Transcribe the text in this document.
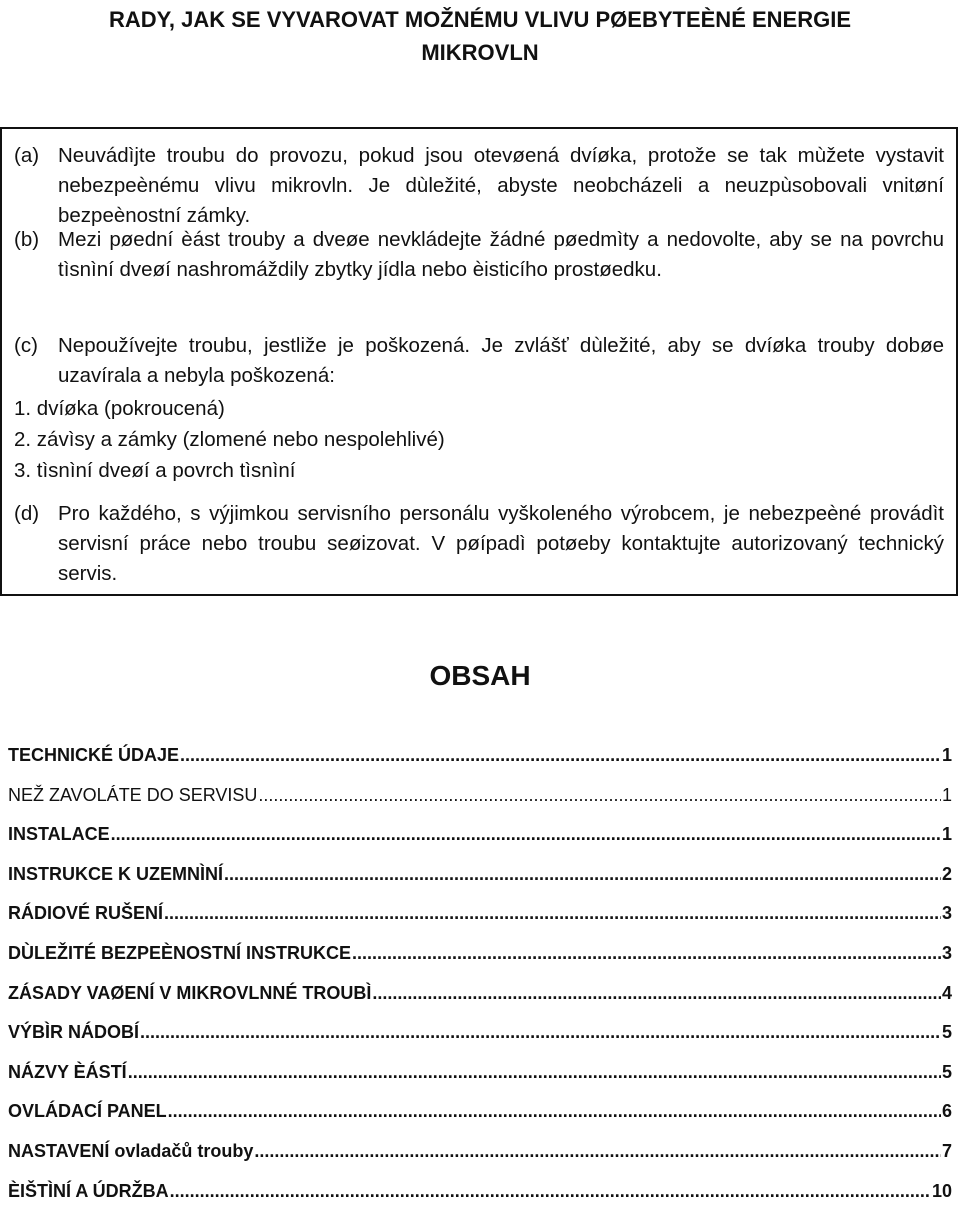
RADY, JAK SE VYVAROVAT MOŽNÉMU VLIVU PØEBYTEÈNÉ ENERGIE
MIKROVLN
(a) Neuvádìjte troubu do provozu, pokud jsou otevøená dvíøka, protože se tak mùžete vystavit nebezpeènému vlivu mikrovln. Je dùležité, abyste neobcházeli a neuzpùsobovali vnitøní bezpeènostní zámky.
(b) Mezi pøední èást trouby a dveøe nevkládejte žádné pøedmìty a nedovolte, aby se na povrchu tìsnìní dveøí nashromáždily zbytky jídla nebo èisticího prostøedku.
(c) Nepoužívejte troubu, jestliže je poškozená. Je zvlášť dùležité, aby se dvíøka trouby dobøe uzavírala a nebyla poškozená:
1. dvíøka (pokroucená)
2. závìsy a zámky (zlomené nebo nespolehlivé)
3. tìsnìní dveøí a povrch tìsnìní
(d) Pro každého, s výjimkou servisního personálu vyškoleného výrobcem, je nebezpeèné provádìt servisní práce nebo troubu seøizovat. V pøípadì potøeby kontaktujte autorizovaný technický servis.
OBSAH
TECHNICKÉ ÚDAJE .....	1
NEŽ ZAVOLÁTE DO SERVISU .....	1
INSTALACE .....	1
INSTRUKCE K UZEMNÌNÍ .....	2
RÁDIOVÉ RUŠENÍ .....	3
DÙLEŽITÉ BEZPEÈNOSTNÍ INSTRUKCE .....	3
ZÁSADY VAØENÍ V MIKROVLNNÉ TROUBÌ .....	4
VÝBÌR NÁDOBÍ .....	5
NÁZVY ÈÁSTÍ .....	5
OVLÁDACÍ PANEL .....	6
NASTAVENÍ ovladačů trouby .....	7
ÈIŠTÌNÍ A ÚDRŽBA .....	10
